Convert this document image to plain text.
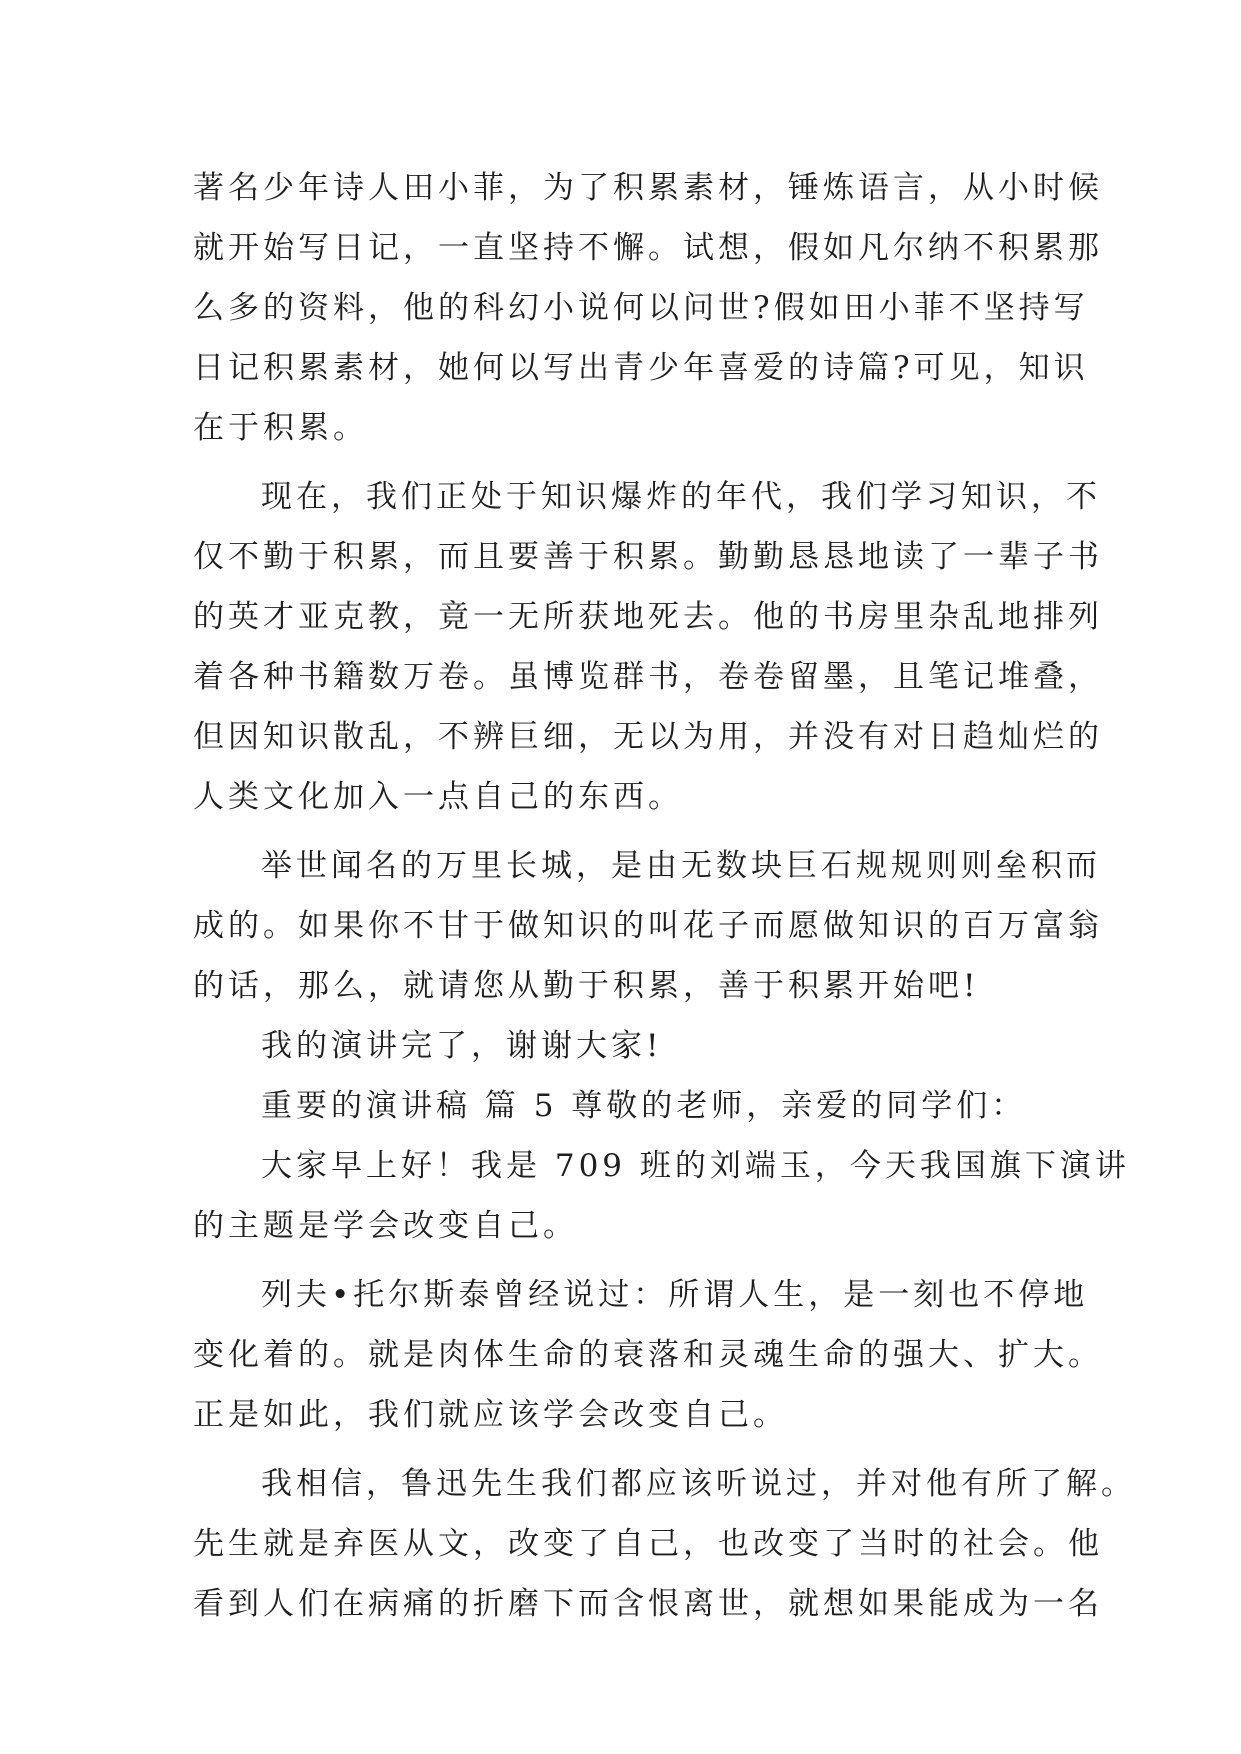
著名少年诗人田小菲，为了积累素材，锤炼语言，从小时候
就开始写日记，一直坚持不懈。试想，假如凡尔纳不积累那
么多的资料，他的科幻小说何以问世?假如田小菲不坚持写
日记积累素材，她何以写出青少年喜爱的诗篇?可见，知识
在于积累。
现在，我们正处于知识爆炸的年代，我们学习知识，不
仅不勤于积累，而且要善于积累。勤勤恳恳地读了一辈子书
的英才亚克教，竟一无所获地死去。他的书房里杂乱地排列
着各种书籍数万卷。虽博览群书，卷卷留墨，且笔记堆叠，
但因知识散乱，不辨巨细，无以为用，并没有对日趋灿烂的
人类文化加入一点自己的东西。
举世闻名的万里长城，是由无数块巨石规规则则垒积而
成的。如果你不甘于做知识的叫花子而愿做知识的百万富翁
的话，那么，就请您从勤于积累，善于积累开始吧!
我的演讲完了，谢谢大家!
重要的演讲稿 篇 5 尊敬的老师，亲爱的同学们：
大家早上好！我是 709 班的刘端玉，今天我国旗下演讲
的主题是学会改变自己。
列夫•托尔斯泰曾经说过：所谓人生，是一刻也不停地
变化着的。就是肉体生命的衰落和灵魂生命的强大、扩大。
正是如此，我们就应该学会改变自己。
我相信，鲁迅先生我们都应该听说过，并对他有所了解。
先生就是弃医从文，改变了自己，也改变了当时的社会。他
看到人们在病痛的折磨下而含恨离世，就想如果能成为一名
